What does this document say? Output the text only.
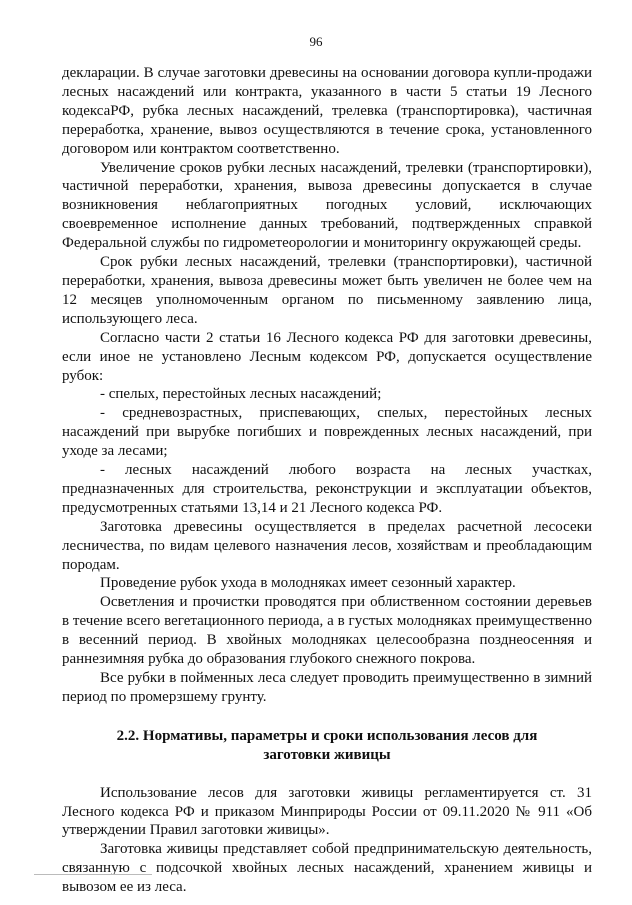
96

декларации. В случае заготовки древесины на основании договора купли-продажи лесных насаждений или контракта, указанного в части 5 статьи 19 Лесного кодексаРФ, рубка лесных насаждений, трелевка (транспортировка), частичная переработка, хранение, вывоз осуществляются в течение срока, установленного договором или контрактом соответственно.

Увеличение сроков рубки лесных насаждений, трелевки (транспортировки), частичной переработки, хранения, вывоза древесины допускается в случае возникновения неблагоприятных погодных условий, исключающих своевременное исполнение данных требований, подтвержденных справкой Федеральной службы по гидрометеорологии и мониторингу окружающей среды.

Срок рубки лесных насаждений, трелевки (транспортировки), частичной переработки, хранения, вывоза древесины может быть увеличен не более чем на 12 месяцев уполномоченным органом по письменному заявлению лица, использующего леса.

Согласно части 2 статьи 16 Лесного кодекса РФ для заготовки древесины, если иное не установлено Лесным кодексом РФ, допускается осуществление рубок:

- спелых, перестойных лесных насаждений;

- средневозрастных, приспевающих, спелых, перестойных лесных насаждений при вырубке погибших и поврежденных лесных насаждений, при уходе за лесами;

- лесных насаждений любого возраста на лесных участках, предназначенных для строительства, реконструкции и эксплуатации объектов, предусмотренных статьями 13,14 и 21 Лесного кодекса РФ.

Заготовка древесины осуществляется в пределах расчетной лесосеки лесничества, по видам целевого назначения лесов, хозяйствам и преобладающим породам.

Проведение рубок ухода в молодняках имеет сезонный характер.

Осветления и прочистки проводятся при облиственном состоянии деревьев в течение всего вегетационного периода, а в густых молодняках преимущественно в весенний период. В хвойных молодняках целесообразна позднеосенняя и раннезимняя рубка до образования глубокого снежного покрова.

Все рубки в пойменных леса следует проводить преимущественно в зимний период по промерзшему грунту.

2.2. Нормативы, параметры и сроки использования лесов для заготовки живицы

Использование лесов для заготовки живицы регламентируется ст. 31 Лесного кодекса РФ и приказом Минприроды России от 09.11.2020 № 911 «Об утверждении Правил заготовки живицы».

Заготовка живицы представляет собой предпринимательскую деятельность, связанную с подсочкой хвойных лесных насаждений, хранением живицы и вывозом ее из леса.
